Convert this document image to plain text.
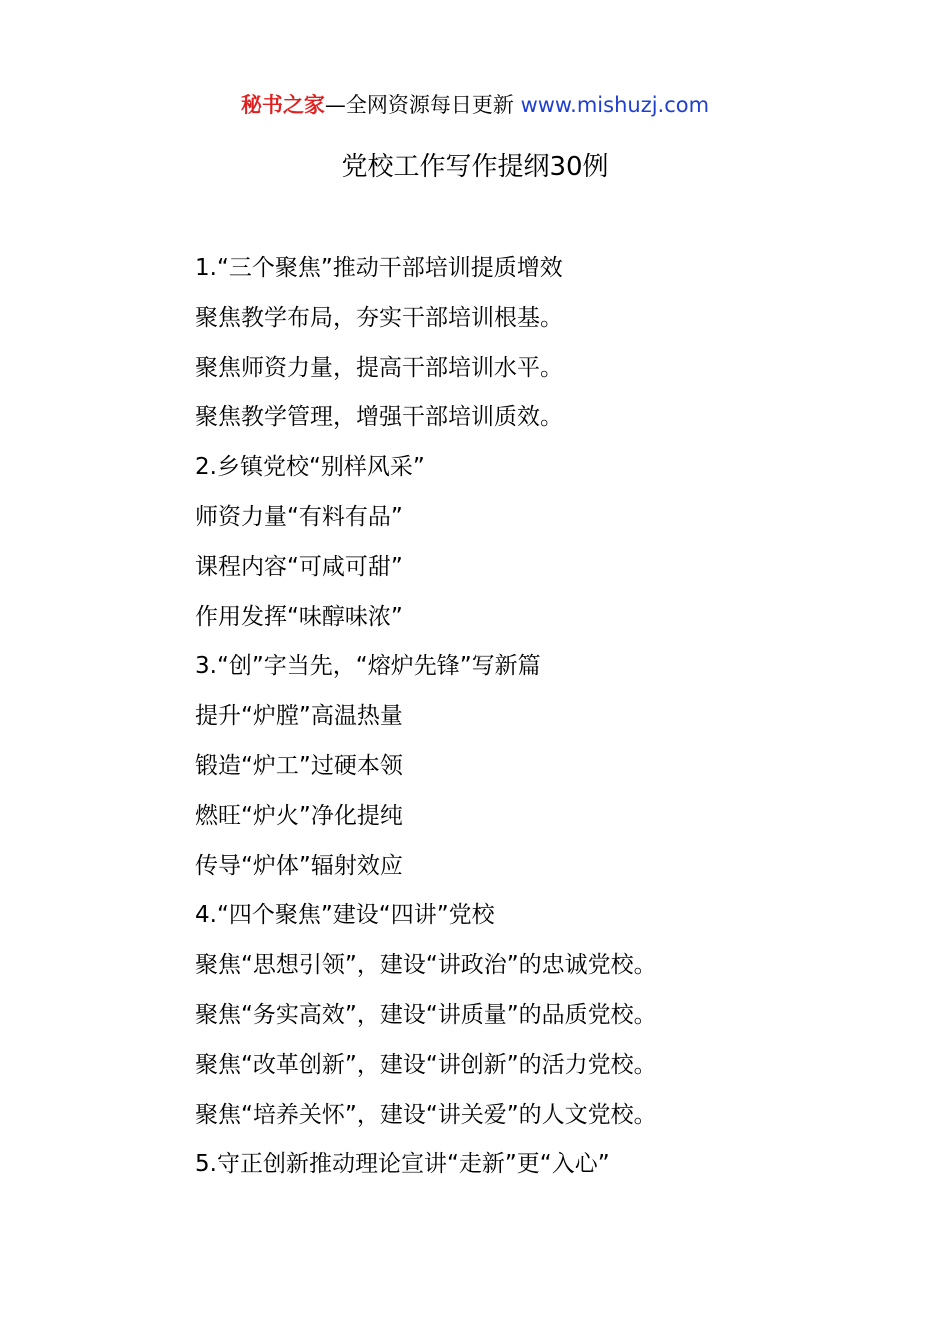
秘书之家—全网资源每日更新 www.mishuzj.com
党校工作写作提纲30例
1.“三个聚焦”推动干部培训提质增效
聚焦教学布局，夯实干部培训根基。
聚焦师资力量，提高干部培训水平。
聚焦教学管理，增强干部培训质效。
2.乡镇党校“别样风采”
师资力量“有料有品”
课程内容“可咸可甜”
作用发挥“味醇味浓”
3.“创”字当先，“熔炉先锋”写新篇
提升“炉膛”高温热量
锻造“炉工”过硬本领
燃旺“炉火”净化提纯
传导“炉体”辐射效应
4.“四个聚焦”建设“四讲”党校
聚焦“思想引领”，建设“讲政治”的忠诚党校。
聚焦“务实高效”，建设“讲质量”的品质党校。
聚焦“改革创新”，建设“讲创新”的活力党校。
聚焦“培养关怀”，建设“讲关爱”的人文党校。
5.守正创新推动理论宣讲“走新”更“入心”
